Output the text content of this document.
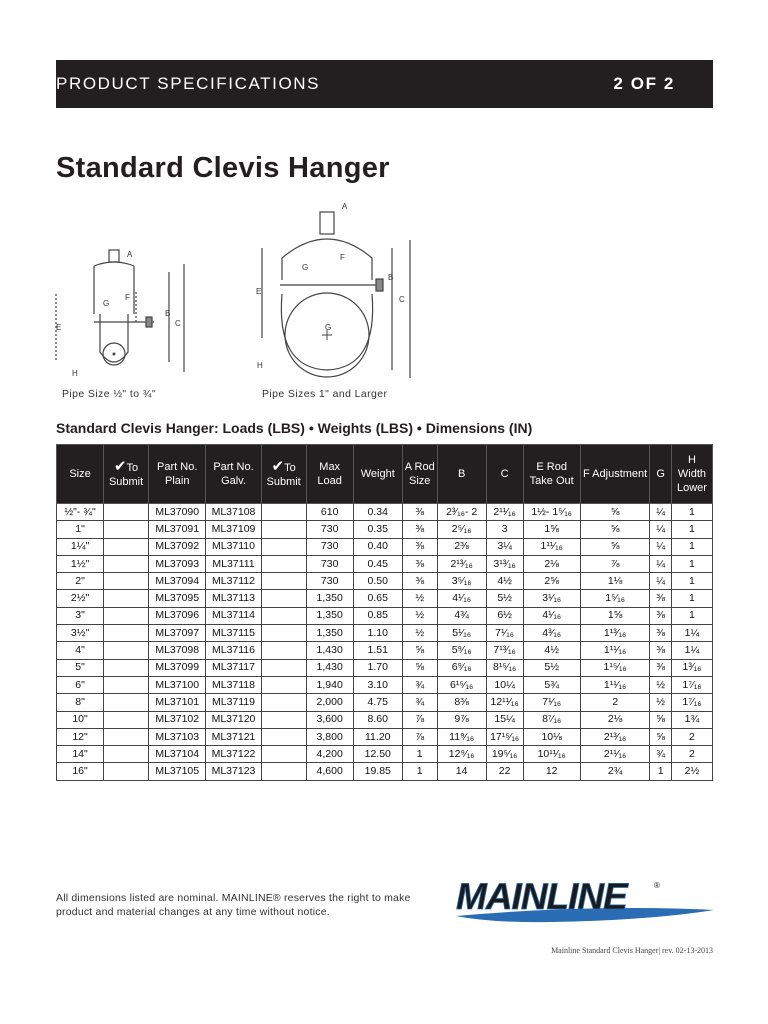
PRODUCT SPECIFICATIONS	2 OF 2
Standard Clevis Hanger
A
G
F
E
B
C
H
Pipe Size ½" to ¾"
A
G
F
E
B
C
H
G
Pipe Sizes 1" and Larger
Standard Clevis Hanger: Loads (LBS) • Weights (LBS) • Dimensions (IN)
Size	✔To Submit	Part No. Plain	Part No. Galv.	✔To Submit	Max Load	Weight	A Rod Size	B	C	E Rod Take Out	F Adjustment	G	H Width Lower
½"- ¾"		ML37090	ML37108		610	0.34	⅜	2³⁄₁₆- 2	2¹¹⁄₁₆	1½- 1⁵⁄₁₆	⅝	¼	1
1"		ML37091	ML37109		730	0.35	⅜	2⁵⁄₁₆	3	1⅝	⅝	¼	1
1¼"		ML37092	ML37110		730	0.40	⅜	2⅜	3¼	1¹¹⁄₁₆	⅝	¼	1
1½"		ML37093	ML37111		730	0.45	⅜	2¹³⁄₁₆	3¹³⁄₁₆	2⅛	⅞	¼	1
2"		ML37094	ML37112		730	0.50	⅜	3⁵⁄₁₆	4½	2⅝	1⅛	¼	1
2½"		ML37095	ML37113		1,350	0.65	½	4¹⁄₁₆	5½	3¹⁄₁₆	1⁵⁄₁₆	⅜	1
3"		ML37096	ML37114		1,350	0.85	½	4¾	6½	4¹⁄₁₆	1⅝	⅜	1
3½"		ML37097	ML37115		1,350	1.10	½	5¹⁄₁₆	7¹⁄₁₆	4³⁄₁₆	1¹³⁄₁₆	⅜	1¼
4"		ML37098	ML37116		1,430	1.51	⅝	5⁹⁄₁₆	7¹³⁄₁₆	4½	1¹¹⁄₁₆	⅜	1¼
5"		ML37099	ML37117		1,430	1.70	⅝	6⁹⁄₁₆	8¹⁵⁄₁₆	5½	1¹⁵⁄₁₆	⅜	1³⁄₁₆
6"		ML37100	ML37118		1,940	3.10	¾	6¹⁵⁄₁₆	10¼	5¾	1¹¹⁄₁₆	½	1⁷⁄₁₆
8"		ML37101	ML37119		2,000	4.75	¾	8⅜	12¹¹⁄₁₆	7¹⁄₁₆	2	½	1⁷⁄₁₆
10"		ML37102	ML37120		3,600	8.60	⅞	9⅞	15¼	8⁷⁄₁₆	2⅛	⅝	1¾
12"		ML37103	ML37121		3,800	11.20	⅞	11⁹⁄₁₆	17¹⁵⁄₁₆	10⅛	2¹³⁄₁₆	⅝	2
14"		ML37104	ML37122		4,200	12.50	1	12⁹⁄₁₆	19⁵⁄₁₆	10¹¹⁄₁₆	2¹¹⁄₁₆	¾	2
16"		ML37105	ML37123		4,600	19.85	1	14	22	12	2¾	1	2½
All dimensions listed are nominal. MAINLINE® reserves the right to make product and material changes at any time without notice.	MAINLINE	®
Mainline Standard Clevis Hanger| rev. 02-13-2013
